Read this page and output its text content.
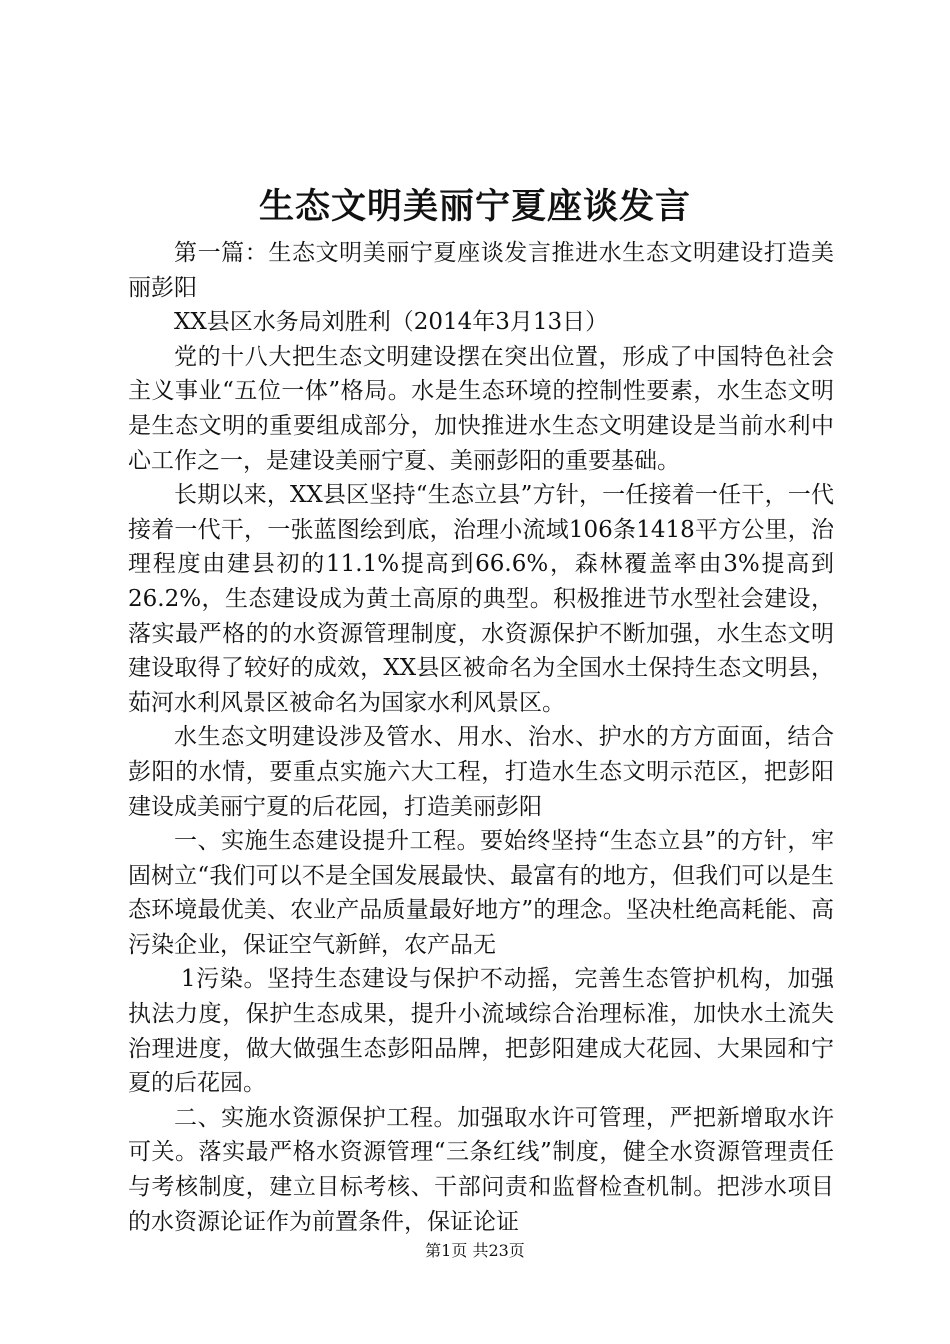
生态文明美丽宁夏座谈发言

第一篇：生态文明美丽宁夏座谈发言推进水生态文明建设打造美丽彭阳

XX县区水务局刘胜利（2014年3月13日）

党的十八大把生态文明建设摆在突出位置，形成了中国特色社会主义事业“五位一体”格局。水是生态环境的控制性要素，水生态文明是生态文明的重要组成部分，加快推进水生态文明建设是当前水利中心工作之一，是建设美丽宁夏、美丽彭阳的重要基础。

长期以来，XX县区坚持“生态立县”方针，一任接着一任干，一代接着一代干，一张蓝图绘到底，治理小流域106条1418平方公里，治理程度由建县初的11.1%提高到66.6%，森林覆盖率由3%提高到26.2%，生态建设成为黄土高原的典型。积极推进节水型社会建设，落实最严格的的水资源管理制度，水资源保护不断加强，水生态文明建设取得了较好的成效，XX县区被命名为全国水土保持生态文明县，茹河水利风景区被命名为国家水利风景区。

水生态文明建设涉及管水、用水、治水、护水的方方面面，结合彭阳的水情，要重点实施六大工程，打造水生态文明示范区，把彭阳建设成美丽宁夏的后花园，打造美丽彭阳

一、实施生态建设提升工程。要始终坚持“生态立县”的方针，牢固树立“我们可以不是全国发展最快、最富有的地方，但我们可以是生态环境最优美、农业产品质量最好地方”的理念。坚决杜绝高耗能、高污染企业，保证空气新鲜，农产品无

1污染。坚持生态建设与保护不动摇，完善生态管护机构，加强执法力度，保护生态成果，提升小流域综合治理标准，加快水土流失治理进度，做大做强生态彭阳品牌，把彭阳建成大花园、大果园和宁夏的后花园。

二、实施水资源保护工程。加强取水许可管理，严把新增取水许可关。落实最严格水资源管理“三条红线”制度，健全水资源管理责任与考核制度，建立目标考核、干部问责和监督检查机制。把涉水项目的水资源论证作为前置条件，保证论证

第1页 共23页
